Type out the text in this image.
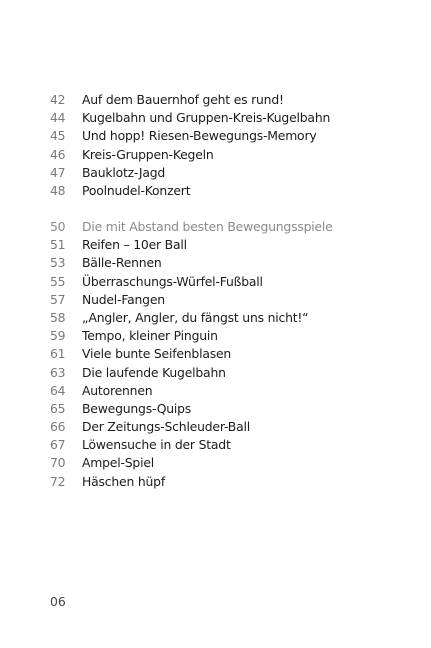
42	Auf dem Bauernhof geht es rund!
44	Kugelbahn und Gruppen-Kreis-Kugelbahn
45	Und hopp! Riesen-Bewegungs-Memory
46	Kreis-Gruppen-Kegeln
47	Bauklotz-Jagd
48	Poolnudel-Konzert
50	Die mit Abstand besten Bewegungsspiele
51	Reifen – 10er Ball
53	Bälle-Rennen
55	Überraschungs-Würfel-Fußball
57	Nudel-Fangen
58	„Angler, Angler, du fängst uns nicht!“
59	Tempo, kleiner Pinguin
61	Viele bunte Seifenblasen
63	Die laufende Kugelbahn
64	Autorennen
65	Bewegungs-Quips
66	Der Zeitungs-Schleuder-Ball
67	Löwensuche in der Stadt
70	Ampel-Spiel
72	Häschen hüpf
06
